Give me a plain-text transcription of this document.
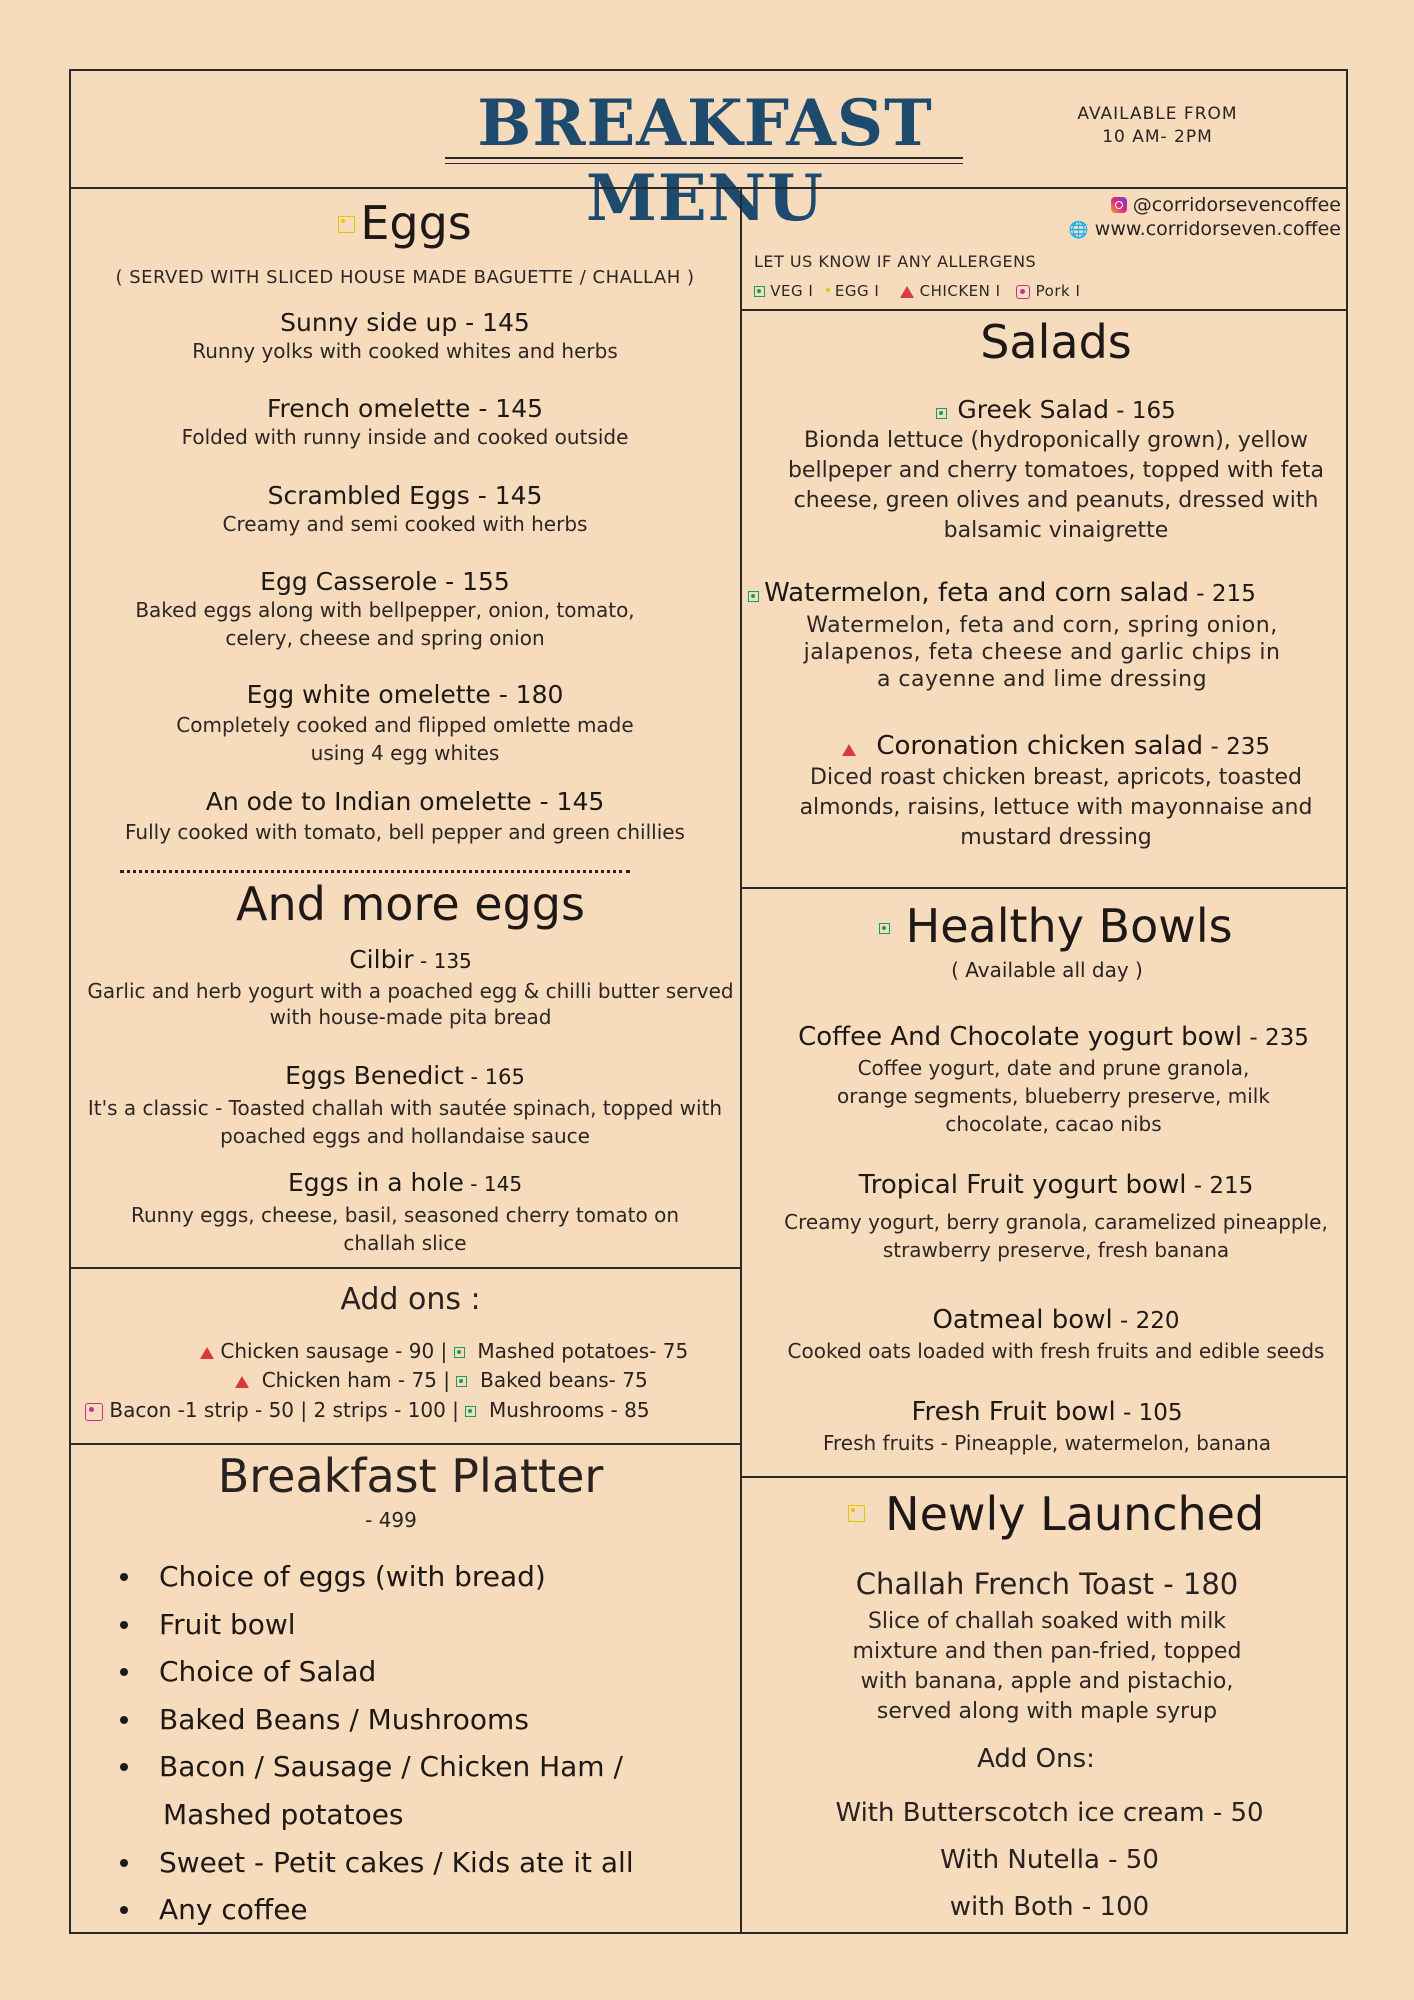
BREAKFAST MENU
AVAILABLE FROM
10 AM- 2PM
@corridorsevencoffee
🌐 www.corridorseven.coffee
LET US KNOW IF ANY ALLERGENS
VEG I EGG I	CHICKEN I Pork I
Eggs
( SERVED WITH SLICED HOUSE MADE BAGUETTE / CHALLAH )
Sunny side up - 145
Runny yolks with cooked whites and herbs
French omelette - 145
Folded with runny inside and cooked outside
Scrambled Eggs - 145
Creamy and semi cooked with herbs
Egg Casserole - 155
Baked eggs along with bellpepper, onion, tomato,
celery, cheese and spring onion
Egg white omelette - 180
Completely cooked and flipped omlette made
using 4 egg whites
An ode to Indian omelette - 145
Fully cooked with tomato, bell pepper and green chillies
And more eggs
Cilbir - 135
Garlic and herb yogurt with a poached egg & chilli butter served
with house-made pita bread
Eggs Benedict - 165
It's a classic - Toasted challah with sautée spinach, topped with
poached eggs and hollandaise sauce
Eggs in a hole - 145
Runny eggs, cheese, basil, seasoned cherry tomato on
challah slice
Add ons :
Chicken sausage - 90 | Mashed potatoes- 75
Chicken ham - 75 | Baked beans- 75
Bacon -1 strip - 50 | 2 strips - 100 | Mushrooms - 85
Breakfast Platter
- 499
Choice of eggs (with bread)
Fruit bowl
Choice of Salad
Baked Beans / Mushrooms
Bacon / Sausage / Chicken Ham /
Mashed potatoes
Sweet - Petit cakes / Kids ate it all
Any coffee
Salads
Greek Salad - 165
Bionda lettuce (hydroponically grown), yellow
bellpeper and cherry tomatoes, topped with feta
cheese, green olives and peanuts, dressed with
balsamic vinaigrette
Watermelon, feta and corn salad - 215
Watermelon, feta and corn, spring onion,
jalapenos, feta cheese and garlic chips in
a cayenne and lime dressing
Coronation chicken salad - 235
Diced roast chicken breast, apricots, toasted
almonds, raisins, lettuce with mayonnaise and
mustard dressing
Healthy Bowls
( Available all day )
Coffee And Chocolate yogurt bowl - 235
Coffee yogurt, date and prune granola,
orange segments, blueberry preserve, milk
chocolate, cacao nibs
Tropical Fruit yogurt bowl - 215
Creamy yogurt, berry granola, caramelized pineapple,
strawberry preserve, fresh banana
Oatmeal bowl - 220
Cooked oats loaded with fresh fruits and edible seeds
Fresh Fruit bowl - 105
Fresh fruits - Pineapple, watermelon, banana
Newly Launched
Challah French Toast - 180
Slice of challah soaked with milk
mixture and then pan-fried, topped
with banana, apple and pistachio,
served along with maple syrup
Add Ons:
With Butterscotch ice cream - 50
With Nutella - 50
with Both - 100
